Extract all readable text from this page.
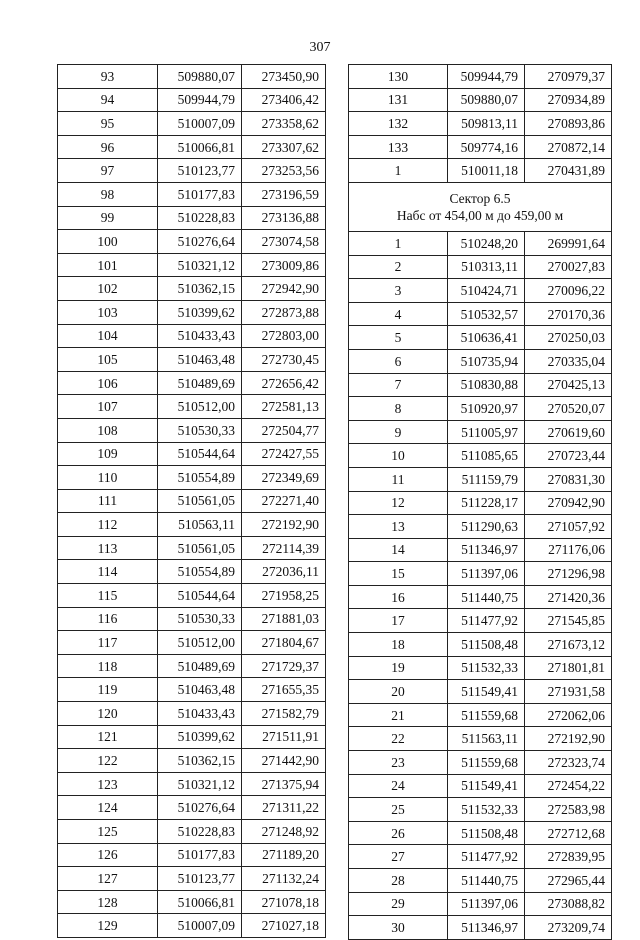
307
93	509880,07	273450,90
94	509944,79	273406,42
95	510007,09	273358,62
96	510066,81	273307,62
97	510123,77	273253,56
98	510177,83	273196,59
99	510228,83	273136,88
100	510276,64	273074,58
101	510321,12	273009,86
102	510362,15	272942,90
103	510399,62	272873,88
104	510433,43	272803,00
105	510463,48	272730,45
106	510489,69	272656,42
107	510512,00	272581,13
108	510530,33	272504,77
109	510544,64	272427,55
110	510554,89	272349,69
111	510561,05	272271,40
112	510563,11	272192,90
113	510561,05	272114,39
114	510554,89	272036,11
115	510544,64	271958,25
116	510530,33	271881,03
117	510512,00	271804,67
118	510489,69	271729,37
119	510463,48	271655,35
120	510433,43	271582,79
121	510399,62	271511,91
122	510362,15	271442,90
123	510321,12	271375,94
124	510276,64	271311,22
125	510228,83	271248,92
126	510177,83	271189,20
127	510123,77	271132,24
128	510066,81	271078,18
129	510007,09	271027,18
130	509944,79	270979,37
131	509880,07	270934,89
132	509813,11	270893,86
133	509774,16	270872,14
1	510011,18	270431,89

Сектор 6.5
Набс от 454,00 м до 459,00 м		

1	510248,20	269991,64
2	510313,11	270027,83
3	510424,71	270096,22
4	510532,57	270170,36
5	510636,41	270250,03
6	510735,94	270335,04
7	510830,88	270425,13
8	510920,97	270520,07
9	511005,97	270619,60
10	511085,65	270723,44
11	511159,79	270831,30
12	511228,17	270942,90
13	511290,63	271057,92
14	511346,97	271176,06
15	511397,06	271296,98
16	511440,75	271420,36
17	511477,92	271545,85
18	511508,48	271673,12
19	511532,33	271801,81
20	511549,41	271931,58
21	511559,68	272062,06
22	511563,11	272192,90
23	511559,68	272323,74
24	511549,41	272454,22
25	511532,33	272583,98
26	511508,48	272712,68
27	511477,92	272839,95
28	511440,75	272965,44
29	511397,06	273088,82
30	511346,97	273209,74
